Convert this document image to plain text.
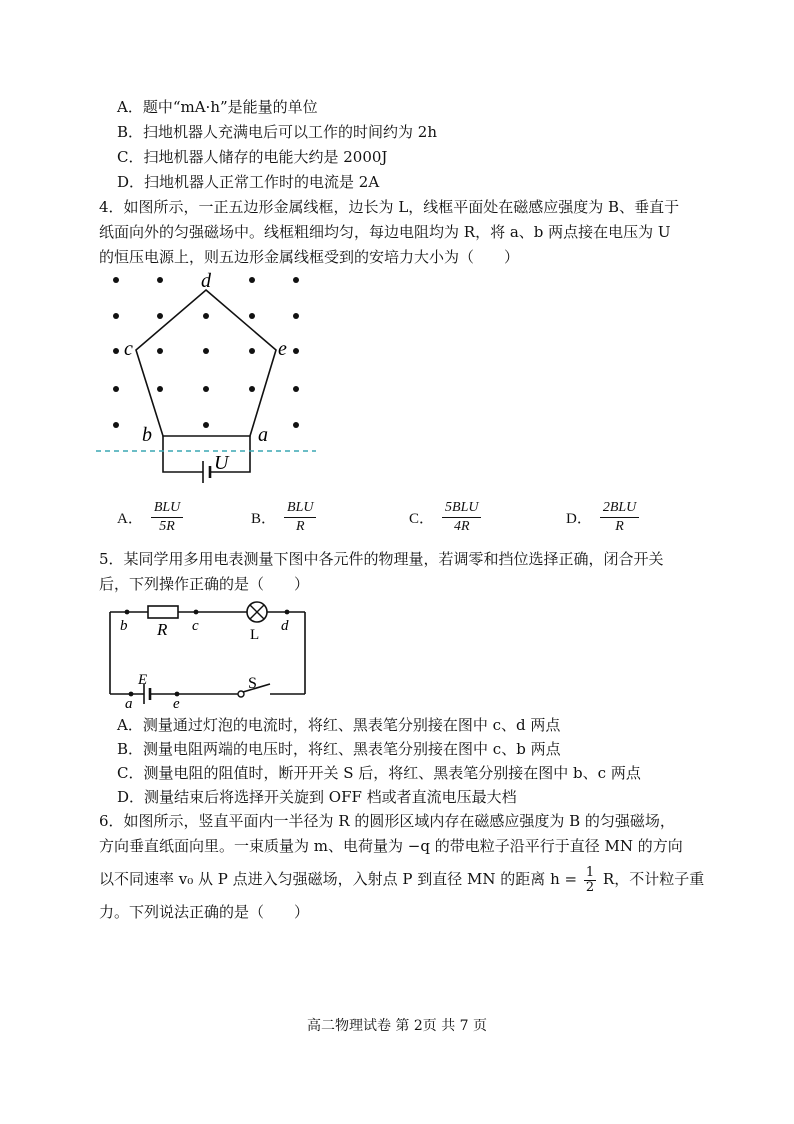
A．题中“mA·h”是能量的单位
B．扫地机器人充满电后可以工作的时间约为 2h
C．扫地机器人储存的电能大约是 2000J
D．扫地机器人正常工作时的电流是 2A
4．如图所示，一正五边形金属线框，边长为 L，线框平面处在磁感应强度为 B、垂直于
纸面向外的匀强磁场中。线框粗细均匀，每边电阻均为 R，将 a、b 两点接在电压为 U
的恒压电源上，则五边形金属线框受到的安培力大小为（　　）
d
c	e
b	a
U
A． $\frac{\text{BLU}}{5R}$	B． $\frac{\text{BLU}}{R}$	C． $\frac{\text{5BLU}}{4R}$	D． $\frac{\text{2BLU}}{R}$
5．某同学用多用电表测量下图中各元件的物理量，若调零和挡位选择正确，闭合开关
后，下列操作正确的是（　　）
b R c
L
d
E
a	e
S
A．测量通过灯泡的电流时，将红、黑表笔分别接在图中 c、d 两点
B．测量电阻两端的电压时，将红、黑表笔分别接在图中 c、b 两点
C．测量电阻的阻值时，断开开关 S 后，将红、黑表笔分别接在图中 b、c 两点
D．测量结束后将选择开关旋到 OFF 档或者直流电压最大档
6．如图所示，竖直平面内一半径为 R 的圆形区域内存在磁感应强度为 B 的匀强磁场，
方向垂直纸面向里。一束质量为 m、电荷量为 −q 的带电粒子沿平行于直径 MN 的方向
以不同速率 v₀ 从 P 点进入匀强磁场，入射点 P 到直径 MN 的距离 $h = \frac{1}{2}$ R，不计粒子重
力。下列说法正确的是（　　）
高二物理试卷 第 2页 共 7 页
